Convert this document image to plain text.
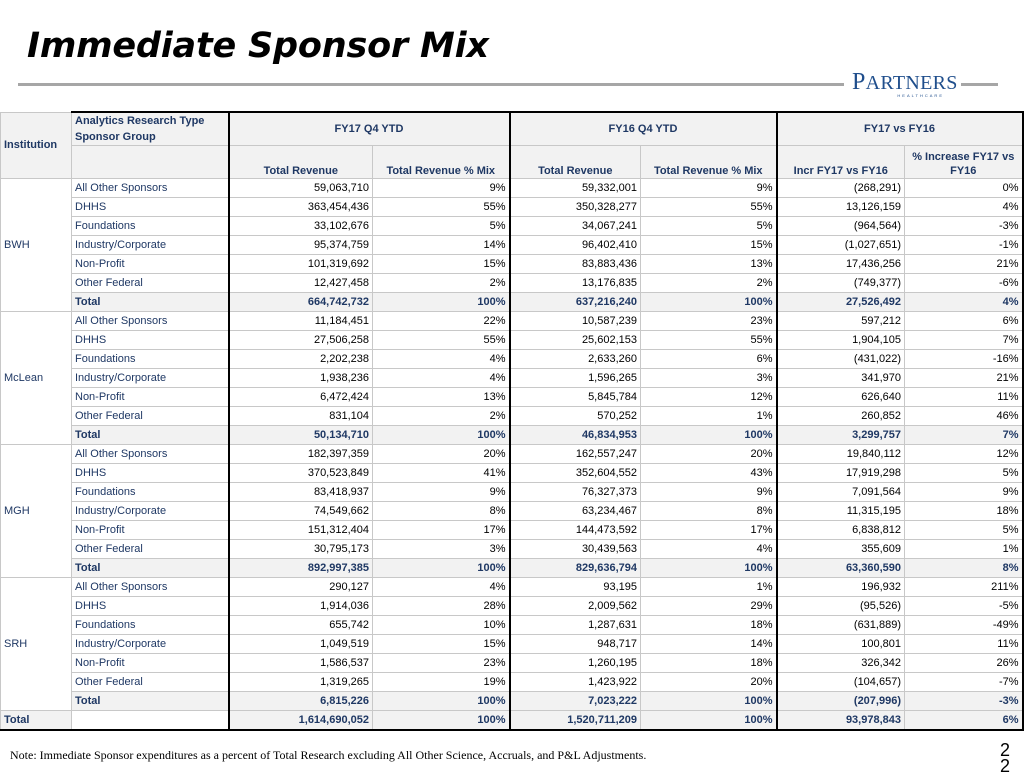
Immediate Sponsor Mix
PARTNERS
HEALTHCARE
Institution	Analytics Research Type Sponsor Group	FY17 Q4 YTD		FY16 Q4 YTD		FY17 vs FY16	
		Total Revenue	Total Revenue % Mix	Total Revenue	Total Revenue % Mix	Incr FY17 vs FY16	% Increase FY17 vs FY16
BWH	All Other Sponsors	59,063,710	9%	59,332,001	9%	(268,291)	0%
	DHHS	363,454,436	55%	350,328,277	55%	13,126,159	4%
	Foundations	33,102,676	5%	34,067,241	5%	(964,564)	-3%
	Industry/Corporate	95,374,759	14%	96,402,410	15%	(1,027,651)	-1%
	Non-Profit	101,319,692	15%	83,883,436	13%	17,436,256	21%
	Other Federal	12,427,458	2%	13,176,835	2%	(749,377)	-6%
	Total	664,742,732	100%	637,216,240	100%	27,526,492	4%
McLean	All Other Sponsors	11,184,451	22%	10,587,239	23%	597,212	6%
	DHHS	27,506,258	55%	25,602,153	55%	1,904,105	7%
	Foundations	2,202,238	4%	2,633,260	6%	(431,022)	-16%
	Industry/Corporate	1,938,236	4%	1,596,265	3%	341,970	21%
	Non-Profit	6,472,424	13%	5,845,784	12%	626,640	11%
	Other Federal	831,104	2%	570,252	1%	260,852	46%
	Total	50,134,710	100%	46,834,953	100%	3,299,757	7%
MGH	All Other Sponsors	182,397,359	20%	162,557,247	20%	19,840,112	12%
	DHHS	370,523,849	41%	352,604,552	43%	17,919,298	5%
	Foundations	83,418,937	9%	76,327,373	9%	7,091,564	9%
	Industry/Corporate	74,549,662	8%	63,234,467	8%	11,315,195	18%
	Non-Profit	151,312,404	17%	144,473,592	17%	6,838,812	5%
	Other Federal	30,795,173	3%	30,439,563	4%	355,609	1%
	Total	892,997,385	100%	829,636,794	100%	63,360,590	8%
SRH	All Other Sponsors	290,127	4%	93,195	1%	196,932	211%
	DHHS	1,914,036	28%	2,009,562	29%	(95,526)	-5%
	Foundations	655,742	10%	1,287,631	18%	(631,889)	-49%
	Industry/Corporate	1,049,519	15%	948,717	14%	100,801	11%
	Non-Profit	1,586,537	23%	1,260,195	18%	326,342	26%
	Other Federal	1,319,265	19%	1,423,922	20%	(104,657)	-7%
	Total	6,815,226	100%	7,023,222	100%	(207,996)	-3%
Total		1,614,690,052	100%	1,520,711,209	100%	93,978,843	6%
Note: Immediate Sponsor expenditures as a percent of Total Research excluding All Other Science, Accruals, and P&L Adjustments.	2
2
